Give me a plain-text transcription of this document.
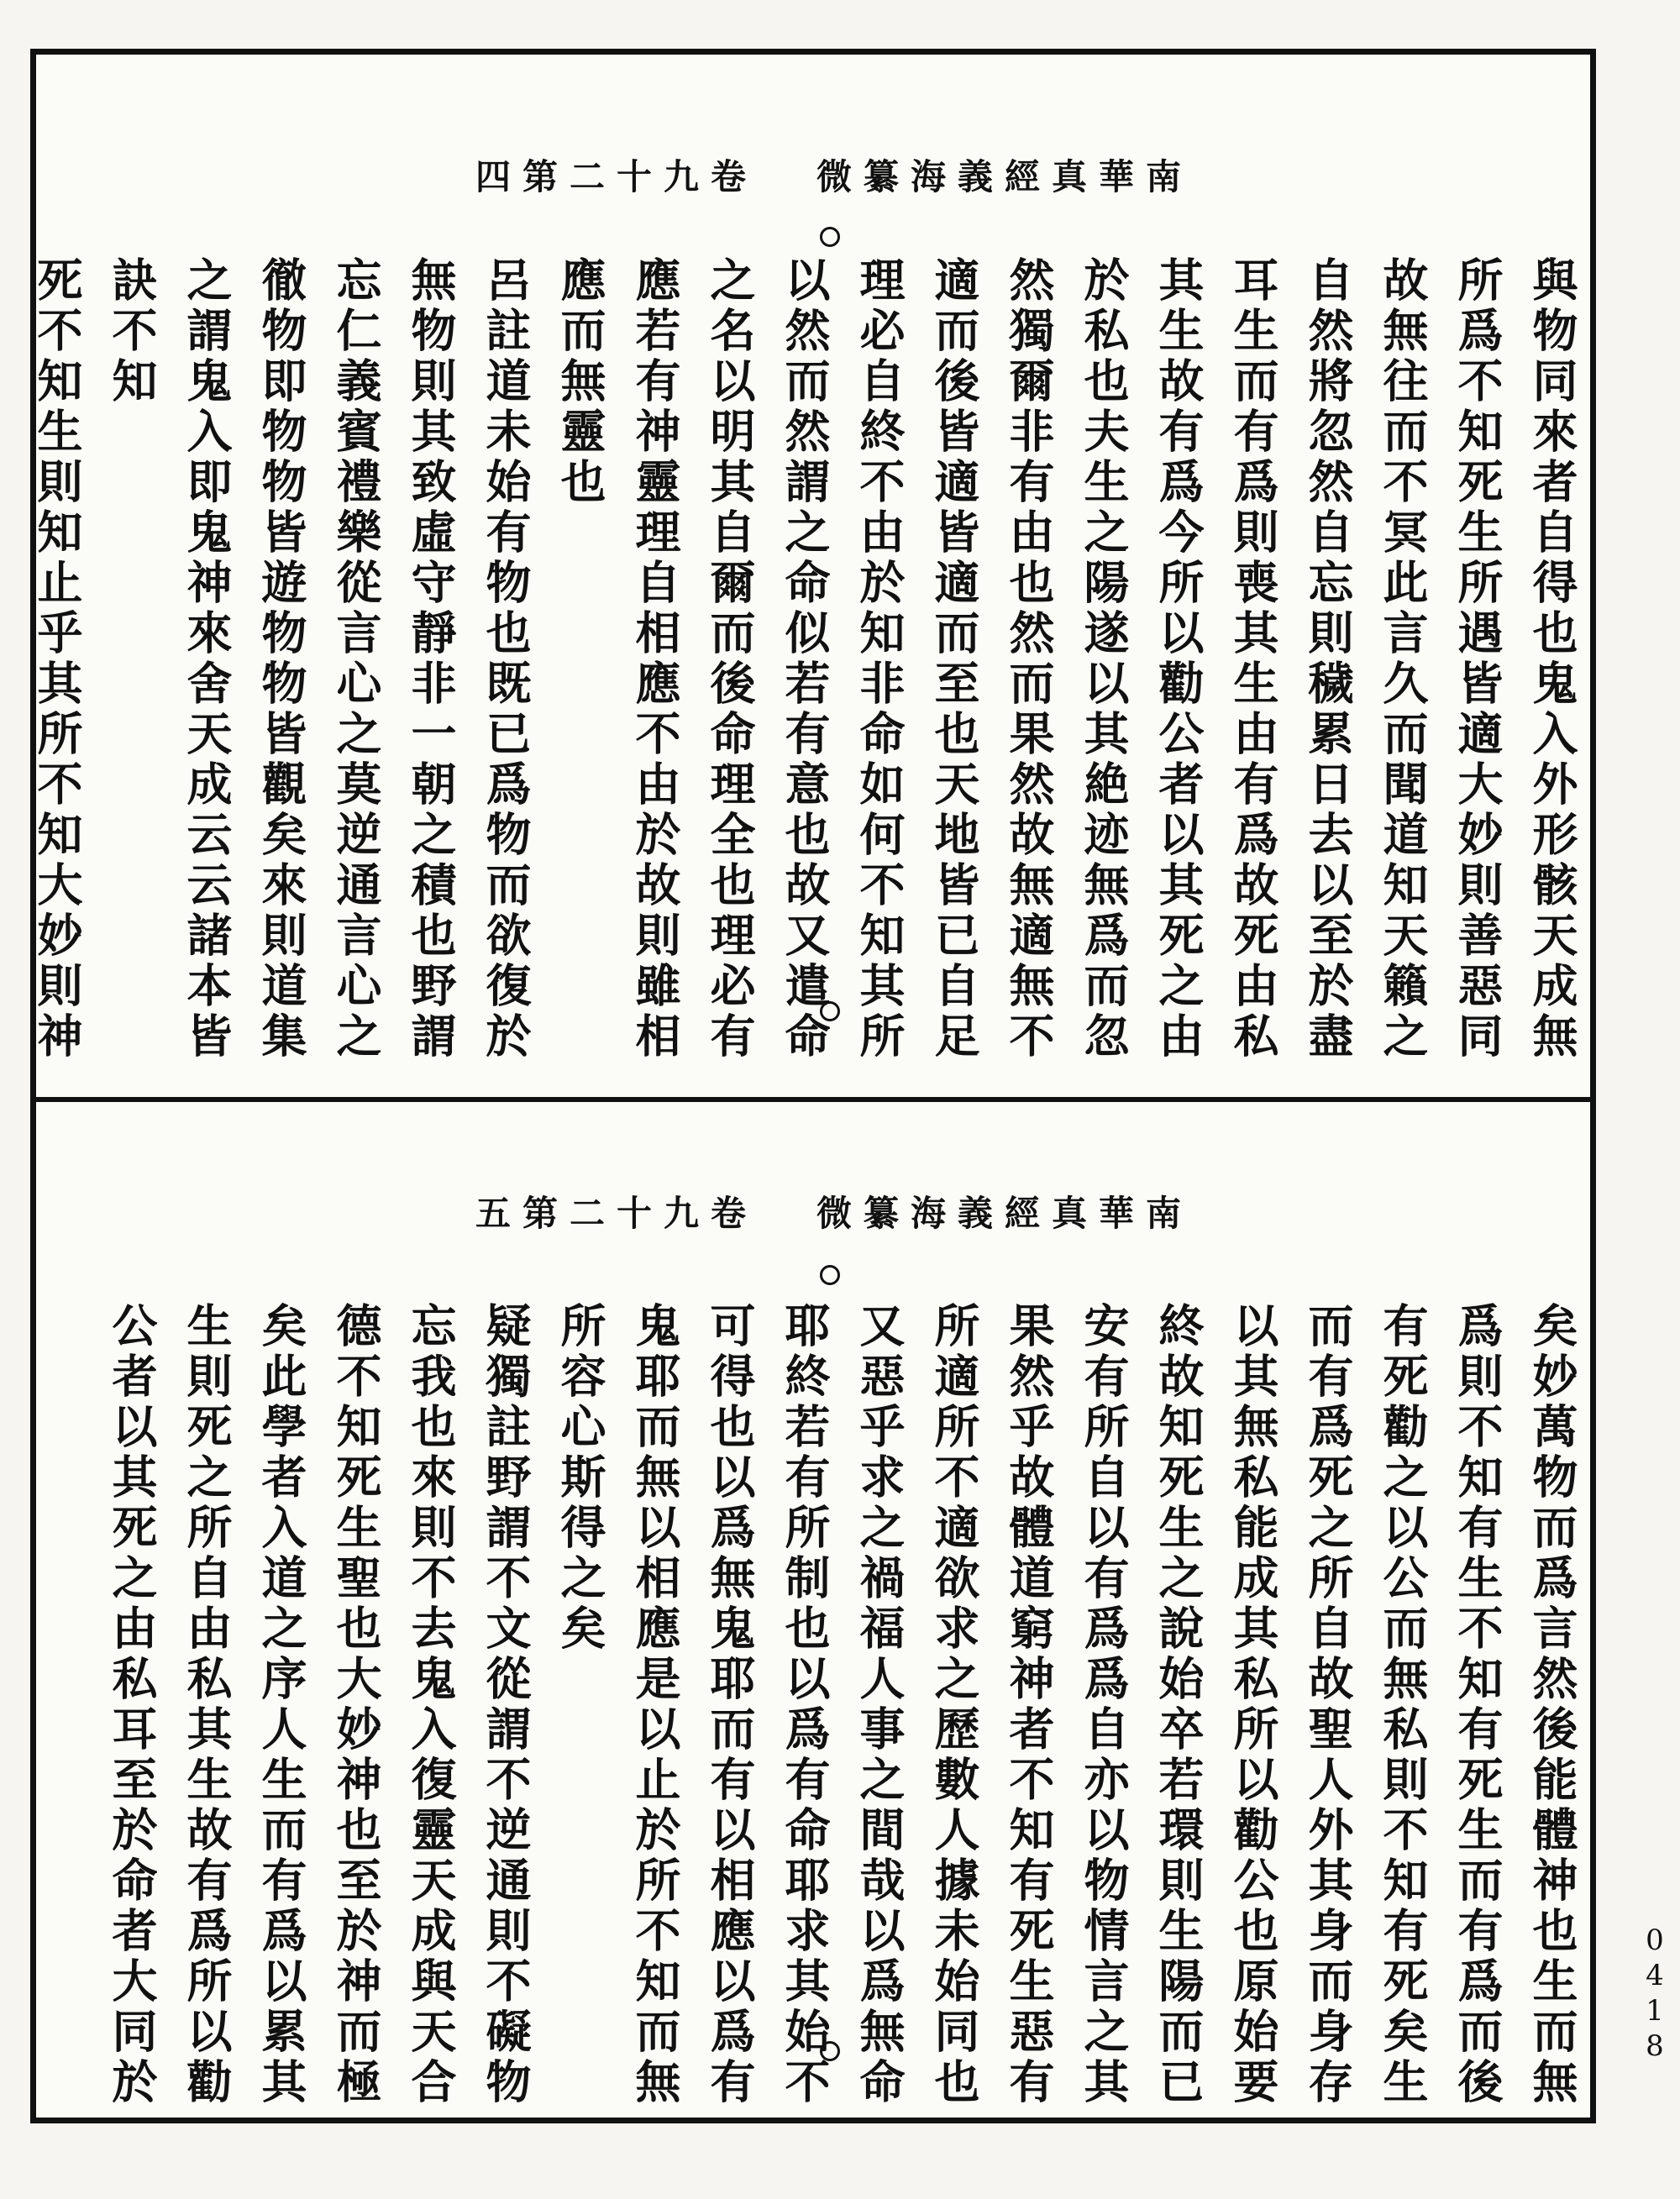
南華真經義海纂微卷九十二第四
與物同來者自得也鬼入外形骸天成無
所爲不知死生所遇皆適大妙則善惡同
故無往而不冥此言久而聞道知天籟之
自然將忽然自忘則穢累日去以至於盡
耳生而有爲則喪其生由有爲故死由私
其生故有爲今所以勸公者以其死之由
於私也夫生之陽遂以其絶迹無爲而忽
然獨爾非有由也然而果然故無適無不
適而後皆適皆適而至也天地皆已自足
理必自終不由於知非命如何不知其所
以然而然謂之命似若有意也故又遣命
之名以明其自爾而後命理全也理必有
應若有神靈理自相應不由於故則雖相
應而無靈也
呂註道未始有物也既已爲物而欲復於
無物則其致虛守靜非一朝之積也野謂
忘仁義賓禮樂從言心之莫逆通言心之
徹物即物物皆遊物物皆觀矣來則道集
之謂鬼入即鬼神來舍天成云云諸本皆訣不知
死不知生則知止乎其所不知大妙則神
南華真經義海纂微卷九十二第五
矣妙萬物而爲言然後能體神也生而無
爲則不知有生不知有死生而有爲而後
有死勸之以公而無私則不知有死矣生
而有爲死之所自故聖人外其身而身存
以其無私能成其私所以勸公也原始要
終故知死生之說始卒若環則生陽而已
安有所自以有爲爲自亦以物情言之其
果然乎故體道窮神者不知有死生惡有
所適所不適欲求之歷數人據未始同也
又惡乎求之禍福人事之間哉以爲無命
耶終若有所制也以爲有命耶求其始不
可得也以爲無鬼耶而有以相應以爲有
鬼耶而無以相應是以止於所不知而無
所容心斯得之矣
疑獨註野謂不文從謂不逆通則不礙物
忘我也來則不去鬼入復靈天成與天合
德不知死生聖也大妙神也至於神而極
矣此學者入道之序人生而有爲以累其
生則死之所自由私其生故有爲所以勸
公者以其死之由私耳至於命者大同於	0418
